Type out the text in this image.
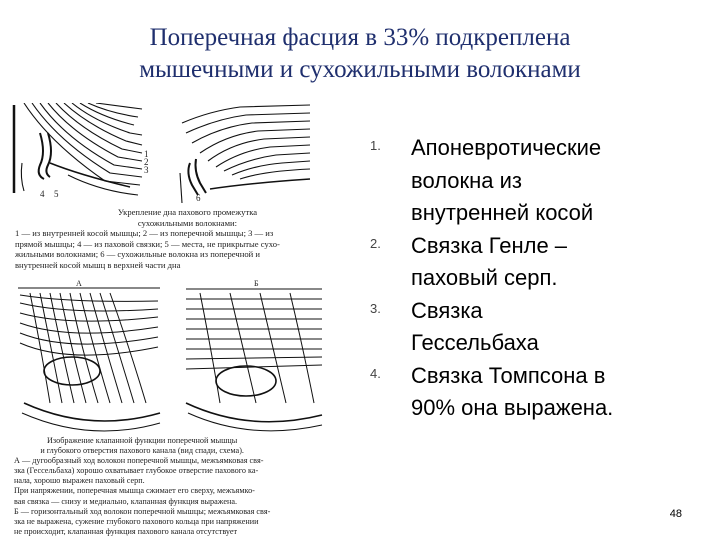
Поперечная фасция в 33% подкреплена
мышечными и сухожильными волокнами
1
2
3
4 5	6
А	Б
Укрепление дна пахового промежутка
сухожильными волокнами:
1 — из внутренней косой мышцы; 2 — из поперечной мышцы; 3 — из
прямой мышцы; 4 — из паховой связки; 5 — места, не прикрытые сухо-
жильными волокнами; 6 — сухожильные волокна из поперечной и
внутренней косой мышц в верхней части дна
Изображение клапанной функции поперечной мышцы
и глубокого отверстия пахового канала (вид спади, схема).
А — дугообразный ход волокон поперечной мышцы, межъямковая свя-
зка (Гессельбаха) хорошо охватывает глубокое отверстие пахового ка-
нала, хорошо выражен паховый серп.
При напряжении, поперечная мышца сжимает его сверху, межъямко-
вая связка — снизу и медиально, клапанная функция выражена.
Б — горизонтальный ход волокон поперечной мышцы; межъямковая свя-
зка не выражена, сужение глубокого пахового кольца при напряжении
не происходит, клапанная функция пахового канала отсутствует
1. Апоневротические
волокна из
внутренней косой
2. Связка Генле –
паховый серп.
3. Связка
Гессельбаха
4. Связка Томпсона в
90% она выражена.
48
